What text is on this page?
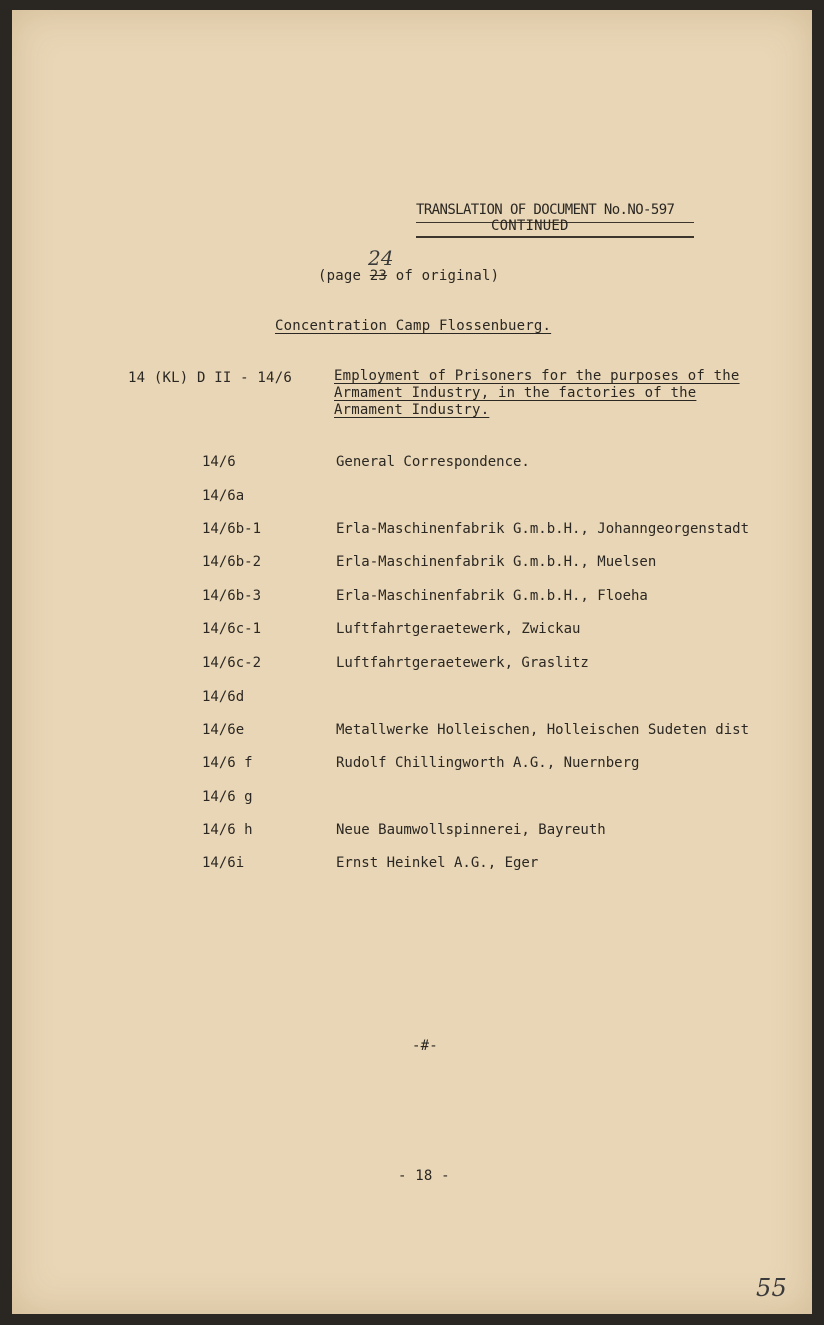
TRANSLATION OF DOCUMENT No.NO-597
CONTINUED
24
(page 23 of original)
Concentration Camp Flossenbuerg.
14 (KL) D II - 14/6	Employment of Prisoners for the purposes of the
Armament Industry, in the factories of the
Armament Industry.
14/6	General Correspondence.
14/6a
14/6b-1	Erla-Maschinenfabrik G.m.b.H., Johanngeorgenstadt
14/6b-2	Erla-Maschinenfabrik G.m.b.H., Muelsen
14/6b-3	Erla-Maschinenfabrik G.m.b.H., Floeha
14/6c-1	Luftfahrtgeraetewerk, Zwickau
14/6c-2	Luftfahrtgeraetewerk, Graslitz
14/6d
14/6e	Metallwerke Holleischen, Holleischen Sudeten dist
14/6 f	Rudolf Chillingworth A.G., Nuernberg
14/6 g
14/6 h	Neue Baumwollspinnerei, Bayreuth
14/6i	Ernst Heinkel A.G., Eger
-#-
- 18 -
55
